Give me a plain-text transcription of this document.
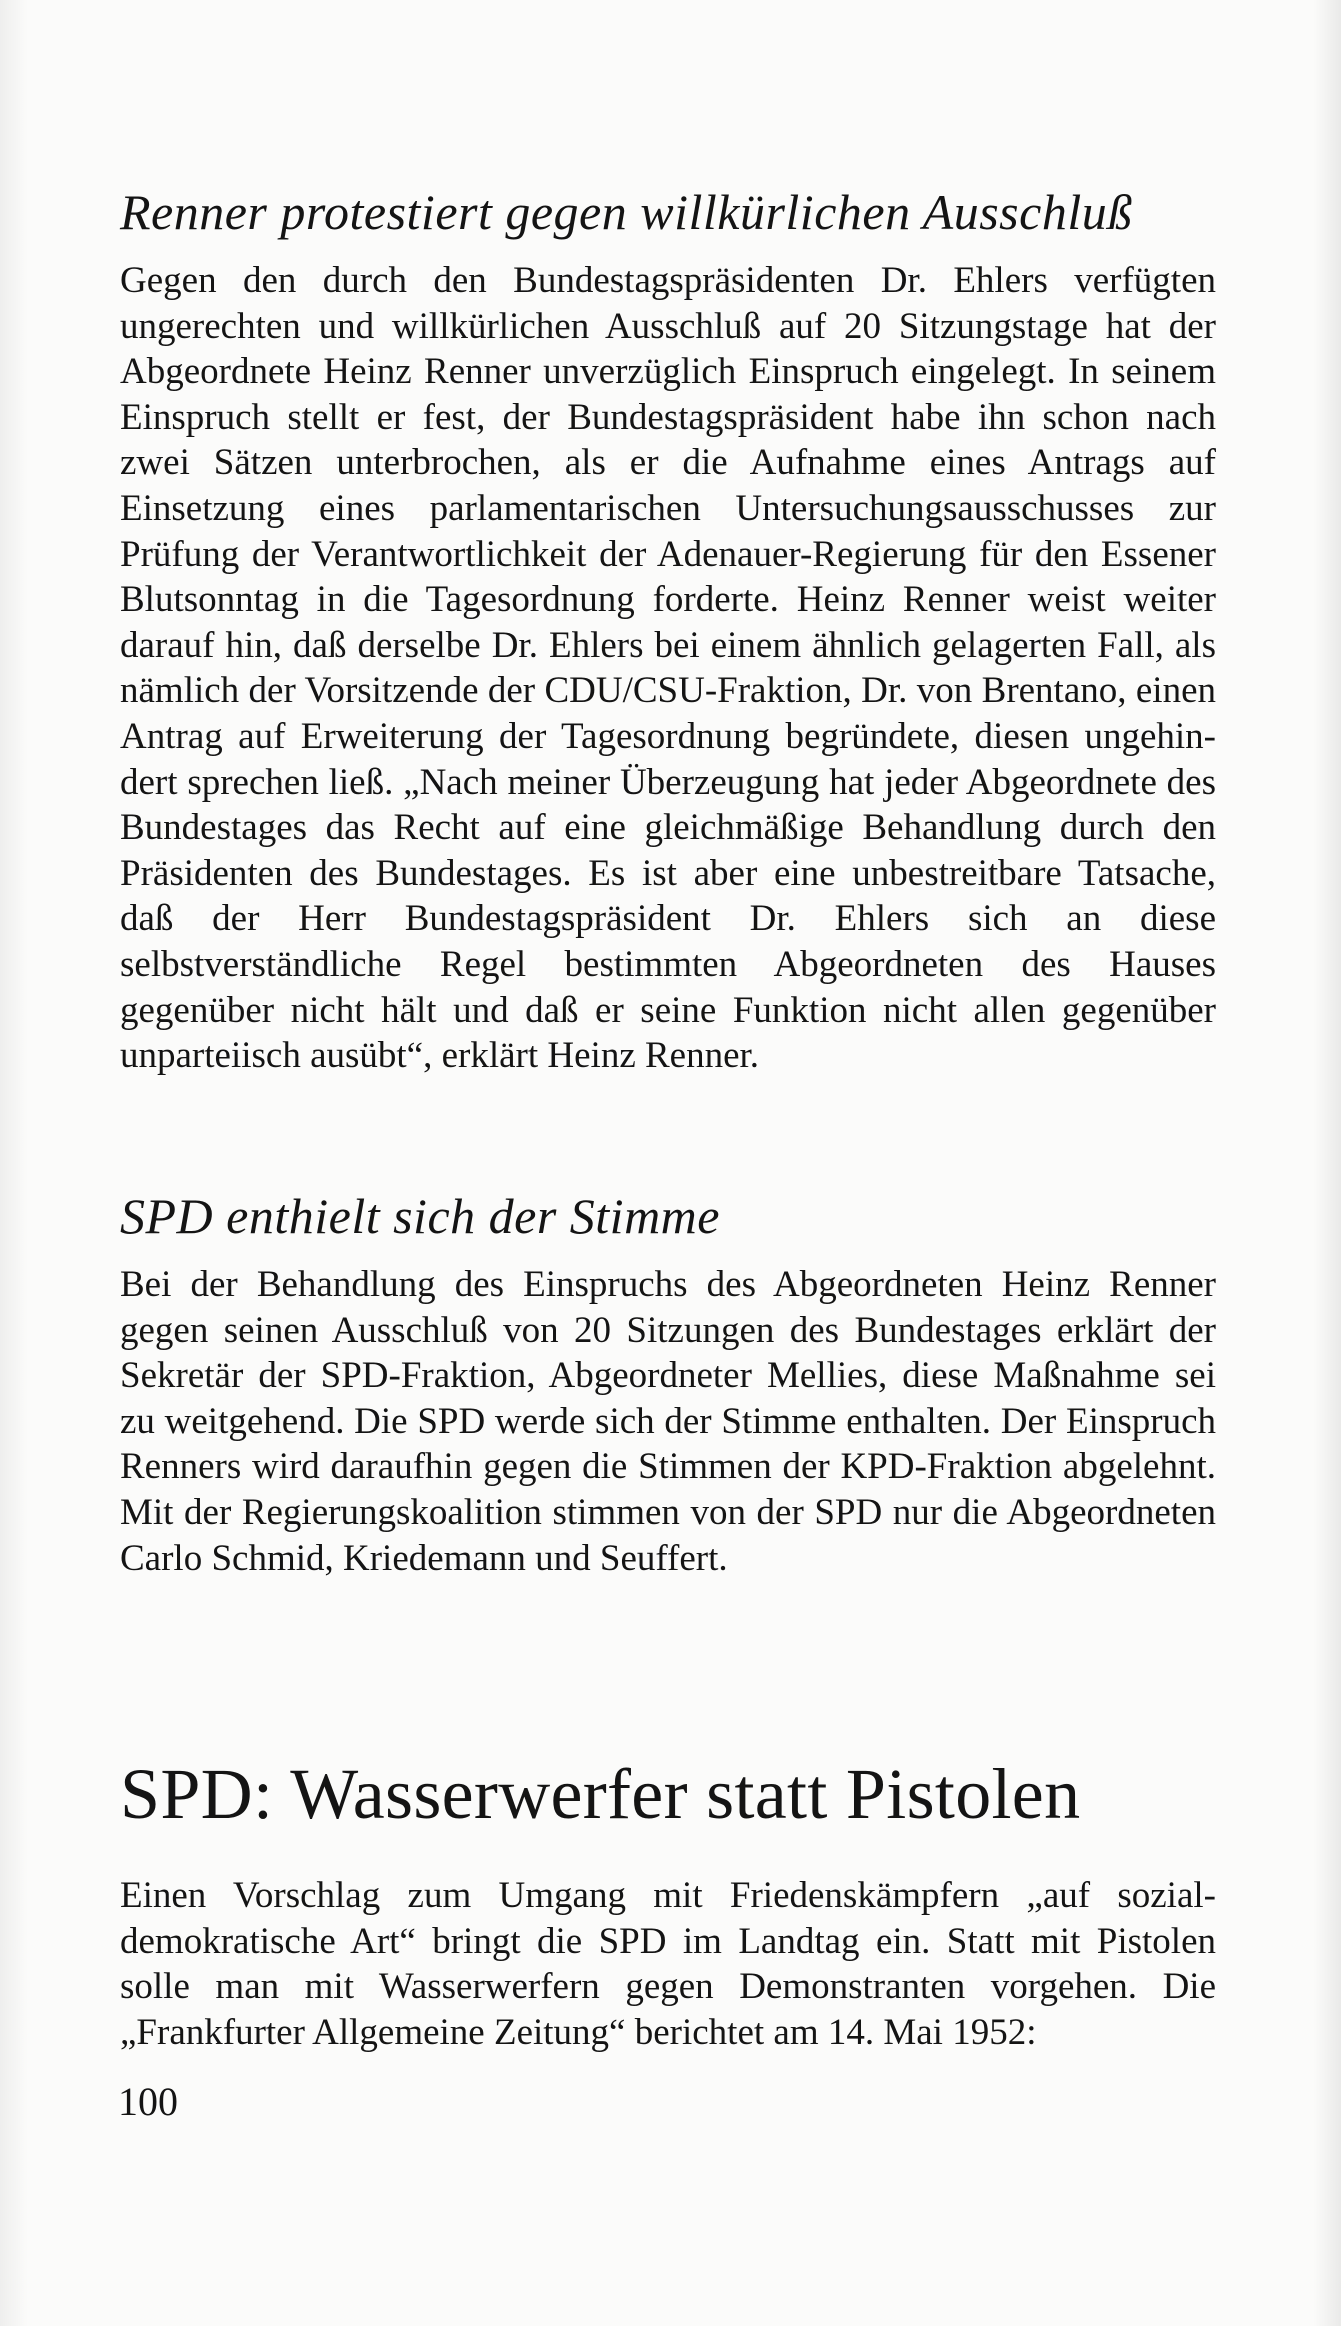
Renner protestiert gegen willkürlichen Ausschluß

Gegen den durch den Bundestagspräsidenten Dr. Ehlers verfügten ungerechten und willkürlichen Ausschluß auf 20 Sitzungstage hat der Abgeordnete Heinz Renner unverzüglich Einspruch eingelegt. In seinem Einspruch stellt er fest, der Bundestagspräsident habe ihn schon nach zwei Sätzen unterbrochen, als er die Aufnahme eines Antrags auf Einsetzung eines parlamentarischen Untersuchungsausschusses zur Prüfung der Verantwortlichkeit der Adenauer-Regierung für den Essener Blutsonntag in die Tagesordnung forderte. Heinz Renner weist weiter darauf hin, daß derselbe Dr. Ehlers bei einem ähnlich gelagerten Fall, als nämlich der Vorsitzende der CDU/CSU-Fraktion, Dr. von Brentano, einen Antrag auf Erweiterung der Tagesordnung begründete, diesen ungehindert sprechen ließ. „Nach meiner Überzeugung hat jeder Abgeordnete des Bundestages das Recht auf eine gleichmäßige Behandlung durch den Präsidenten des Bundestages. Es ist aber eine unbestreitbare Tatsache, daß der Herr Bundestagspräsident Dr. Ehlers sich an diese selbstverständliche Regel bestimmten Abgeordneten des Hauses gegenüber nicht hält und daß er seine Funktion nicht allen gegenüber unparteiisch ausübt“, erklärt Heinz Renner.

SPD enthielt sich der Stimme

Bei der Behandlung des Einspruchs des Abgeordneten Heinz Renner gegen seinen Ausschluß von 20 Sitzungen des Bundestages erklärt der Sekretär der SPD-Fraktion, Abgeordneter Mellies, diese Maßnahme sei zu weitgehend. Die SPD werde sich der Stimme enthalten. Der Einspruch Renners wird daraufhin gegen die Stimmen der KPD-Fraktion abgelehnt. Mit der Regierungskoalition stimmen von der SPD nur die Abgeordneten Carlo Schmid, Kriedemann und Seuffert.

SPD: Wasserwerfer statt Pistolen

Einen Vorschlag zum Umgang mit Friedenskämpfern „auf sozialdemokratische Art“ bringt die SPD im Landtag ein. Statt mit Pistolen solle man mit Wasserwerfern gegen Demonstranten vorgehen. Die „Frankfurter Allgemeine Zeitung“ berichtet am 14. Mai 1952:

100
